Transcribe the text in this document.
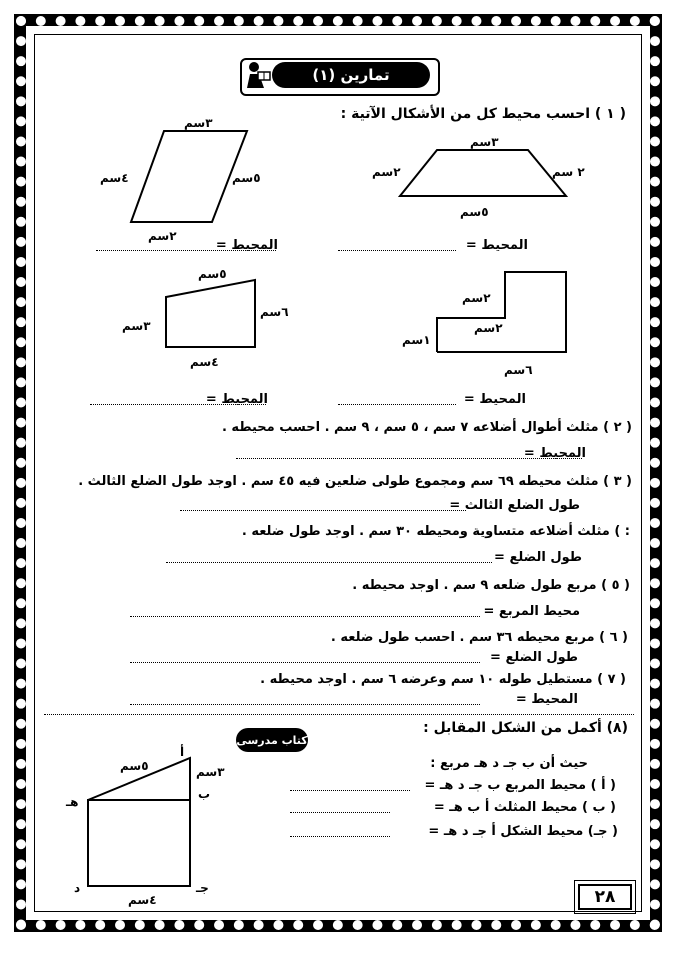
تمارين (١)
( ١ ) احسب محيط كل من الأشكال الآتية :
٣سم
٢سم	٢ سم
٥سم
٣سم
٤سم	٥سم
٢سم
٢سم
٢سم
١سم
٦سم
٥سم
٦سم
٣سم
٤سم
المحيط =
المحيط =
المحيط =
المحيط =
( ٢ ) مثلث أطوال أضلاعه ٧ سم ، ٥ سم ، ٩ سم . احسب محيطه .
المحيط =
( ٣ ) مثلث محيطه ٦٩ سم ومجموع طولى ضلعين فيه ٤٥ سم . اوجد طول الضلع الثالث .
طول الضلع الثالث =
: ) مثلث أضلاعه متساوية ومحيطه ٣٠ سم . اوجد طول ضلعه .
طول الضلع =
( ٥ ) مربع طول ضلعه ٩ سم . اوجد محيطه .
محيط المربع =
( ٦ ) مربع محيطه ٣٦ سم . احسب طول ضلعه .
طول الضلع =
( ٧ ) مستطيل طوله ١٠ سم وعرضه ٦ سم . اوجد محيطه .
المحيط =
(٨) أكمل من الشكل المقابل :
كتاب مدرسى
حيث أن ب جـ د هـ مربع :
( أ ) محيط المربع ب جـ د هـ =
( ب ) محيط المثلث أ ب هـ =
( جـ) محيط الشكل أ جـ د هـ =
٥سم	٣سم
٤سم
أ
ب
جـ
د
هـ
٢٨
